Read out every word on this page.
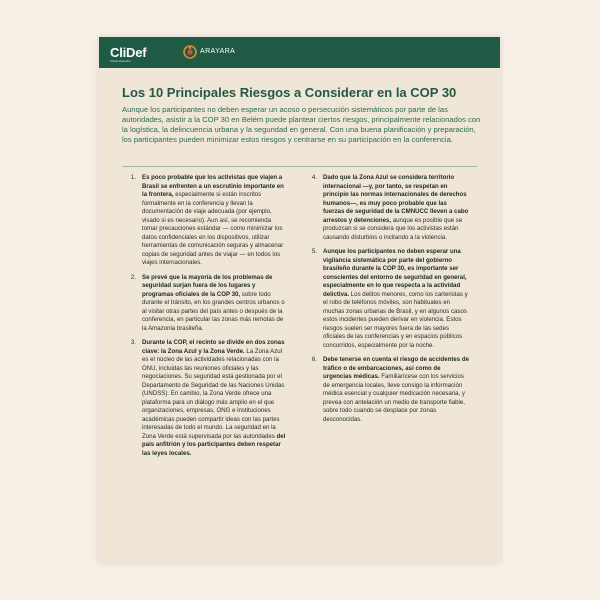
CliDef
Climate Defenders
ARAYARA
Los 10 Principales Riesgos a Considerar en la COP 30
Aunque los participantes no deben esperar un acoso o persecución sistemáticos por parte de las autoridades, asistir a la COP 30 en Belém puede plantear ciertos riesgos, principalmente relacionados con la logística, la delincuencia urbana y la seguridad en general. Con una buena planificación y preparación, los participantes pueden minimizar estos riesgos y centrarse en su participación en la conferencia.
1. Es poco probable que los activistas que viajen a Brasil se enfrenten a un escrutinio importante en la frontera, especialmente si están inscritos formalmente en la conferencia y llevan la documentación de viaje adecuada (por ejemplo, visado si es necesario). Aun así, se recomienda tomar precauciones estándar — como minimizar los datos confidenciales en los dispositivos, utilizar herramientas de comunicación seguras y almacenar copias de seguridad antes de viajar — en todos los viajes internacionales.
2. Se prevé que la mayoría de los problemas de seguridad surjan fuera de los lugares y programas oficiales de la COP 30, sobre todo durante el tránsito, en los grandes centros urbanos o al visitar otras partes del país antes o después de la conferencia, en particular las zonas más remotas de la Amazonia brasileña.
3. Durante la COP, el recinto se divide en dos zonas clave: la Zona Azul y la Zona Verde. La Zona Azul es el núcleo de las actividades relacionadas con la ONU, incluidas las reuniones oficiales y las negociaciones. Su seguridad está gestionada por el Departamento de Seguridad de las Naciones Unidas (UNDSS). En cambio, la Zona Verde ofrece una plataforma para un diálogo más amplio en el que organizaciones, empresas, ONG e instituciones académicas pueden compartir ideas con las partes interesadas de todo el mundo. La seguridad en la Zona Verde está supervisada por las autoridades del país anfitrión y los participantes deben respetar las leyes locales.
4. Dado que la Zona Azul se considera territorio internacional —y, por tanto, se respetan en principio las normas internacionales de derechos humanos—, es muy poco probable que las fuerzas de seguridad de la CMNUCC lleven a cabo arrestos y detenciones, aunque es posible que se produzcan si se considera que los activistas están causando disturbios o incitando a la violencia.
5. Aunque los participantes no deben esperar una vigilancia sistemática por parte del gobierno brasileño durante la COP 30, es importante ser conscientes del entorno de seguridad en general, especialmente en lo que respecta a la actividad delictiva. Los delitos menores, como los carteristas y el robo de teléfonos móviles, son habituales en muchas zonas urbanas de Brasil, y en algunos casos estos incidentes pueden derivar en violencia. Estos riesgos suelen ser mayores fuera de las sedes oficiales de las conferencias y en espacios públicos concurridos, especialmente por la noche.
6. Debe tenerse en cuenta el riesgo de accidentes de tráfico o de embarcaciones, así como de urgencias médicas. Familiarícese con los servicios de emergencia locales, lleve consigo la información médica esencial y cualquier medicación necesaria, y prevea con antelación un medio de transporte fiable, sobre todo cuando se desplace por zonas desconocidas.
